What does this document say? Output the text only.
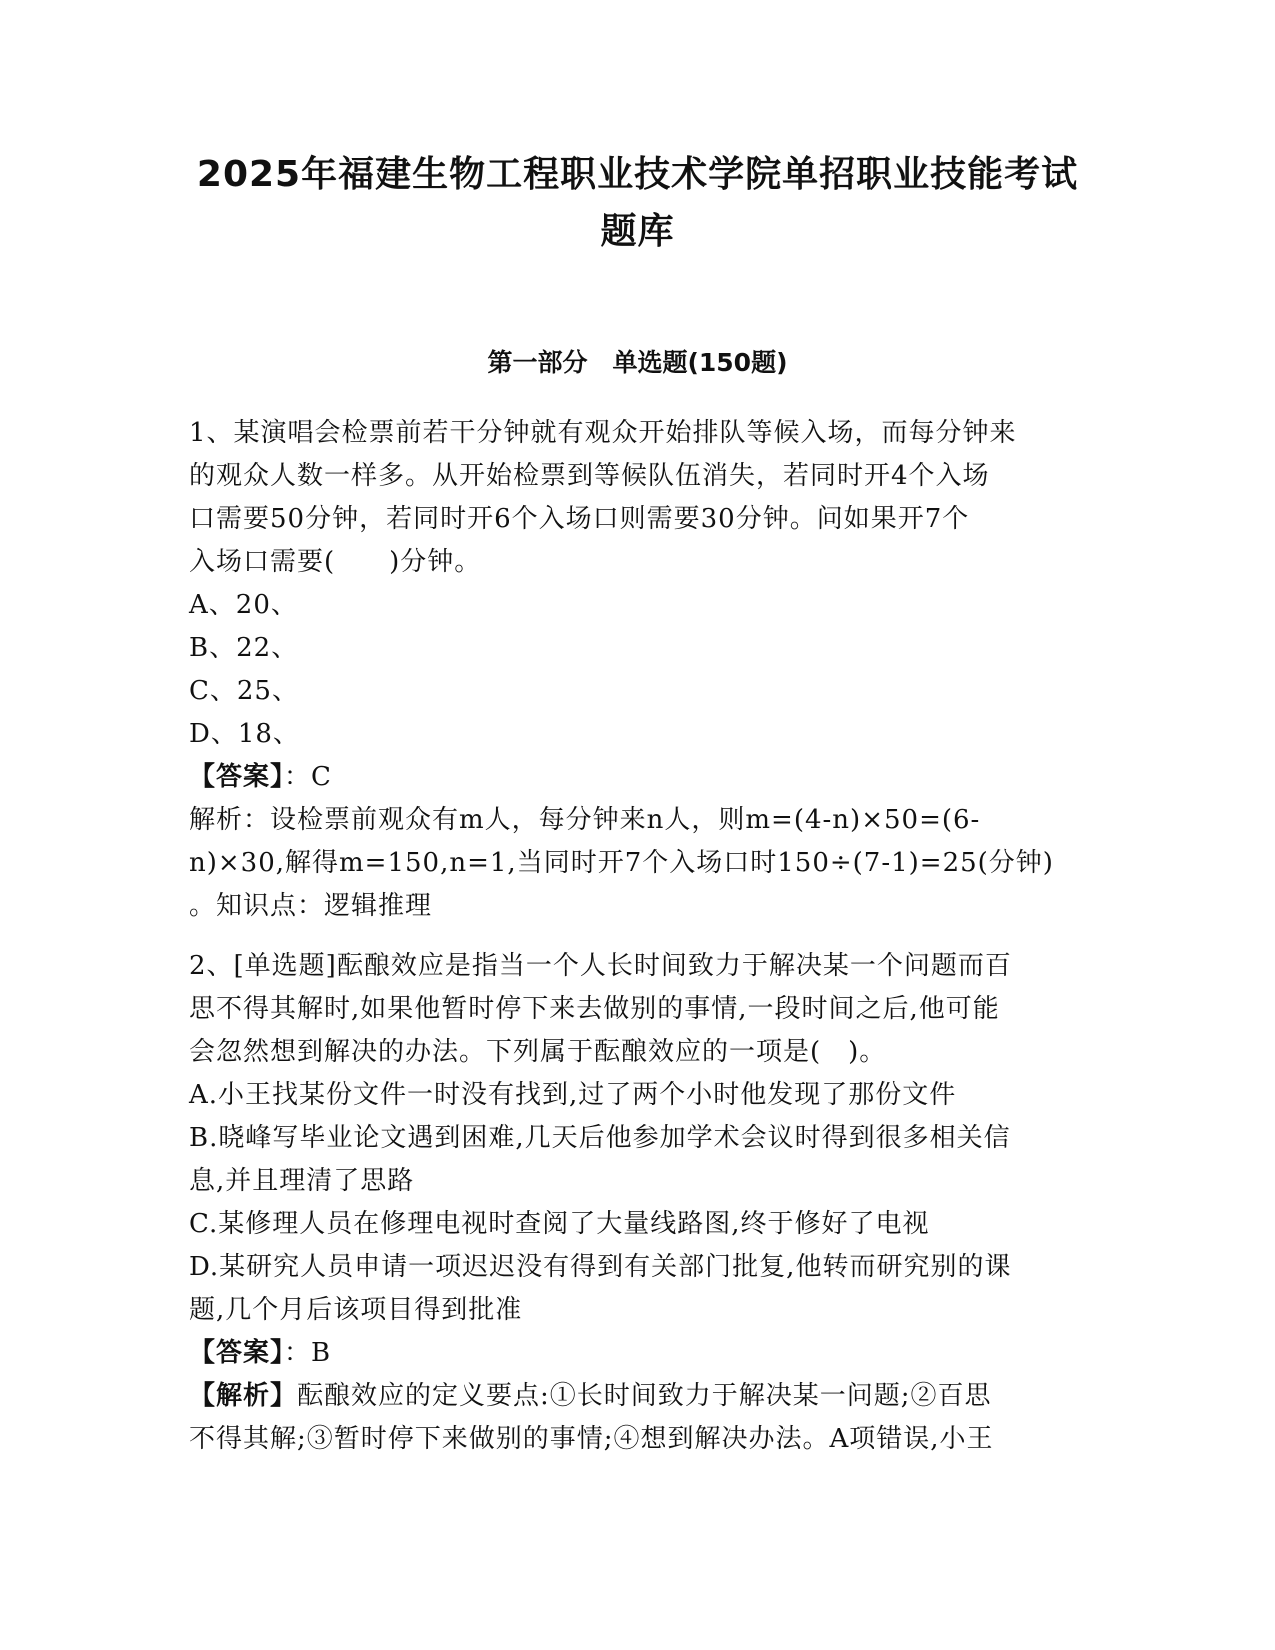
2025年福建生物工程职业技术学院单招职业技能考试
题库
第一部分　单选题(150题)

1、某演唱会检票前若干分钟就有观众开始排队等候入场，而每分钟来

的观众人数一样多。从开始检票到等候队伍消失，若同时开4个入场

口需要50分钟，若同时开6个入场口则需要30分钟。问如果开7个

入场口需要(　　)分钟。

A、20、

B、22、

C、25、

D、18、

【答案】：C

解析：设检票前观众有m人，每分钟来n人，则m=(4-n)×50=(6-

n)×30,解得m=150,n=1,当同时开7个入场口时150÷(7-1)=25(分钟)

。知识点：逻辑推理

2、[单选题]酝酿效应是指当一个人长时间致力于解决某一个问题而百

思不得其解时,如果他暂时停下来去做别的事情,一段时间之后,他可能

会忽然想到解决的办法。下列属于酝酿效应的一项是(　)。

A.小王找某份文件一时没有找到,过了两个小时他发现了那份文件

B.晓峰写毕业论文遇到困难,几天后他参加学术会议时得到很多相关信

息,并且理清了思路

C.某修理人员在修理电视时查阅了大量线路图,终于修好了电视

D.某研究人员申请一项迟迟没有得到有关部门批复,他转而研究别的课

题,几个月后该项目得到批准

【答案】：B

【解析】酝酿效应的定义要点:①长时间致力于解决某一问题;②百思

不得其解;③暂时停下来做别的事情;④想到解决办法。A项错误,小王
